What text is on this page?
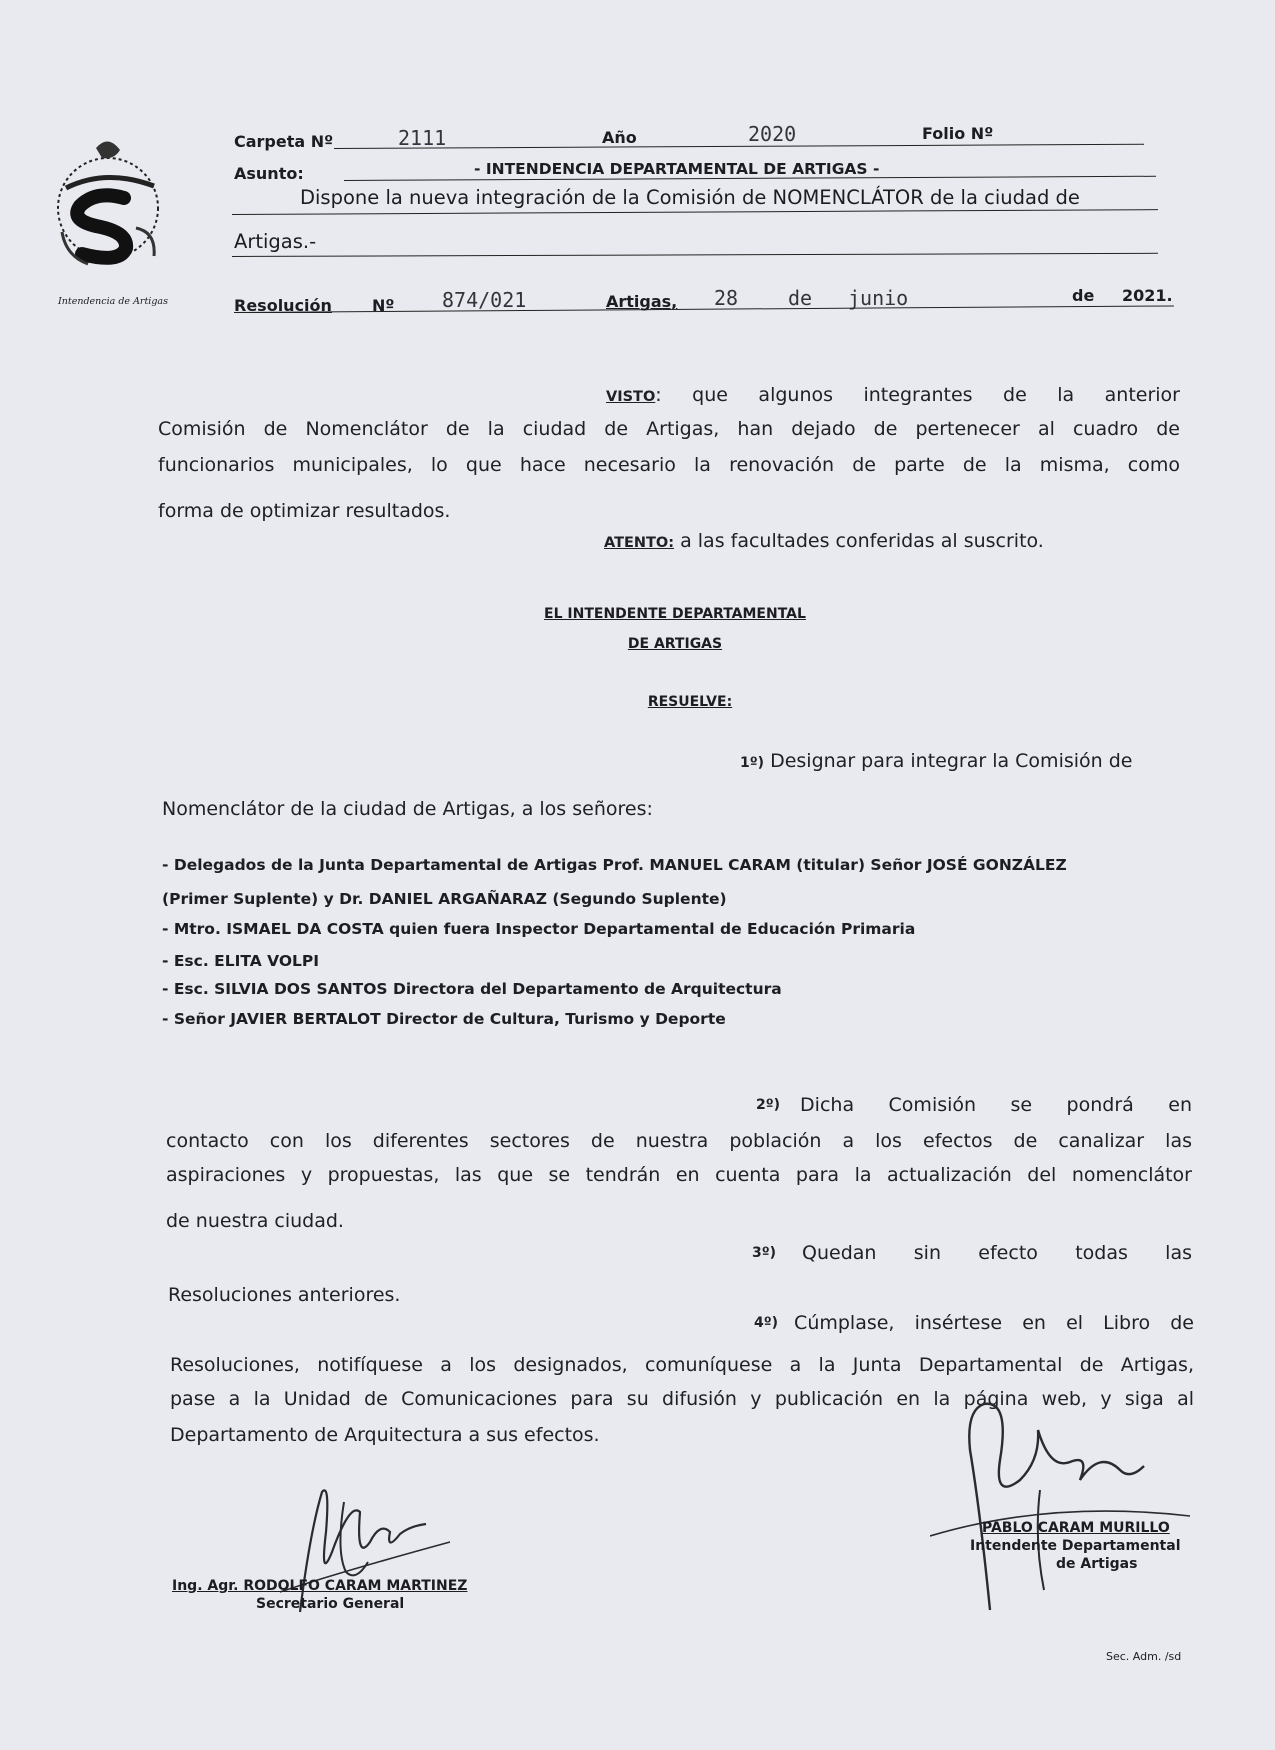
Intendencia de Artigas
Carpeta Nº	2111	Año	2020	Folio Nº
Asunto:	- INTENDENCIA DEPARTAMENTAL DE ARTIGAS -
Dispone la nueva integración de la Comisión de NOMENCLÁTOR de la ciudad de
Artigas.-
Resolución	Nº 874/021	Artigas, 28 de junio	de 2021.
VISTO: que algunos integrantes de la anterior
Comisión de Nomenclátor de la ciudad de Artigas, han dejado de pertenecer al cuadro de
funcionarios municipales, lo que hace necesario la renovación de parte de la misma, como
forma de optimizar resultados.
ATENTO: a las facultades conferidas al suscrito.
EL INTENDENTE DEPARTAMENTAL
DE ARTIGAS
RESUELVE:
1º) Designar para integrar la Comisión de
Nomenclátor de la ciudad de Artigas, a los señores:
- Delegados de la Junta Departamental de Artigas Prof. MANUEL CARAM (titular) Señor JOSÉ GONZÁLEZ
(Primer Suplente) y Dr. DANIEL ARGAÑARAZ (Segundo Suplente)
- Mtro. ISMAEL DA COSTA quien fuera Inspector Departamental de Educación Primaria
- Esc. ELITA VOLPI
- Esc. SILVIA DOS SANTOS Directora del Departamento de Arquitectura
- Señor JAVIER BERTALOT Director de Cultura, Turismo y Deporte
2º) Dicha Comisión se pondrá en
contacto con los diferentes sectores de nuestra población a los efectos de canalizar las
aspiraciones y propuestas, las que se tendrán en cuenta para la actualización del nomenclátor
de nuestra ciudad.
3º) Quedan sin efecto todas las
Resoluciones anteriores.
4º) Cúmplase, insértese en el Libro de
Resoluciones, notifíquese a los designados, comuníquese a la Junta Departamental de Artigas,
pase a la Unidad de Comunicaciones para su difusión y publicación en la página web, y siga al
Departamento de Arquitectura a sus efectos.
Ing. Agr. RODOLFO CARAM MARTINEZ
Secretario General
PABLO CARAM MURILLO
Intendente Departamental
de Artigas
Sec. Adm. /sd
